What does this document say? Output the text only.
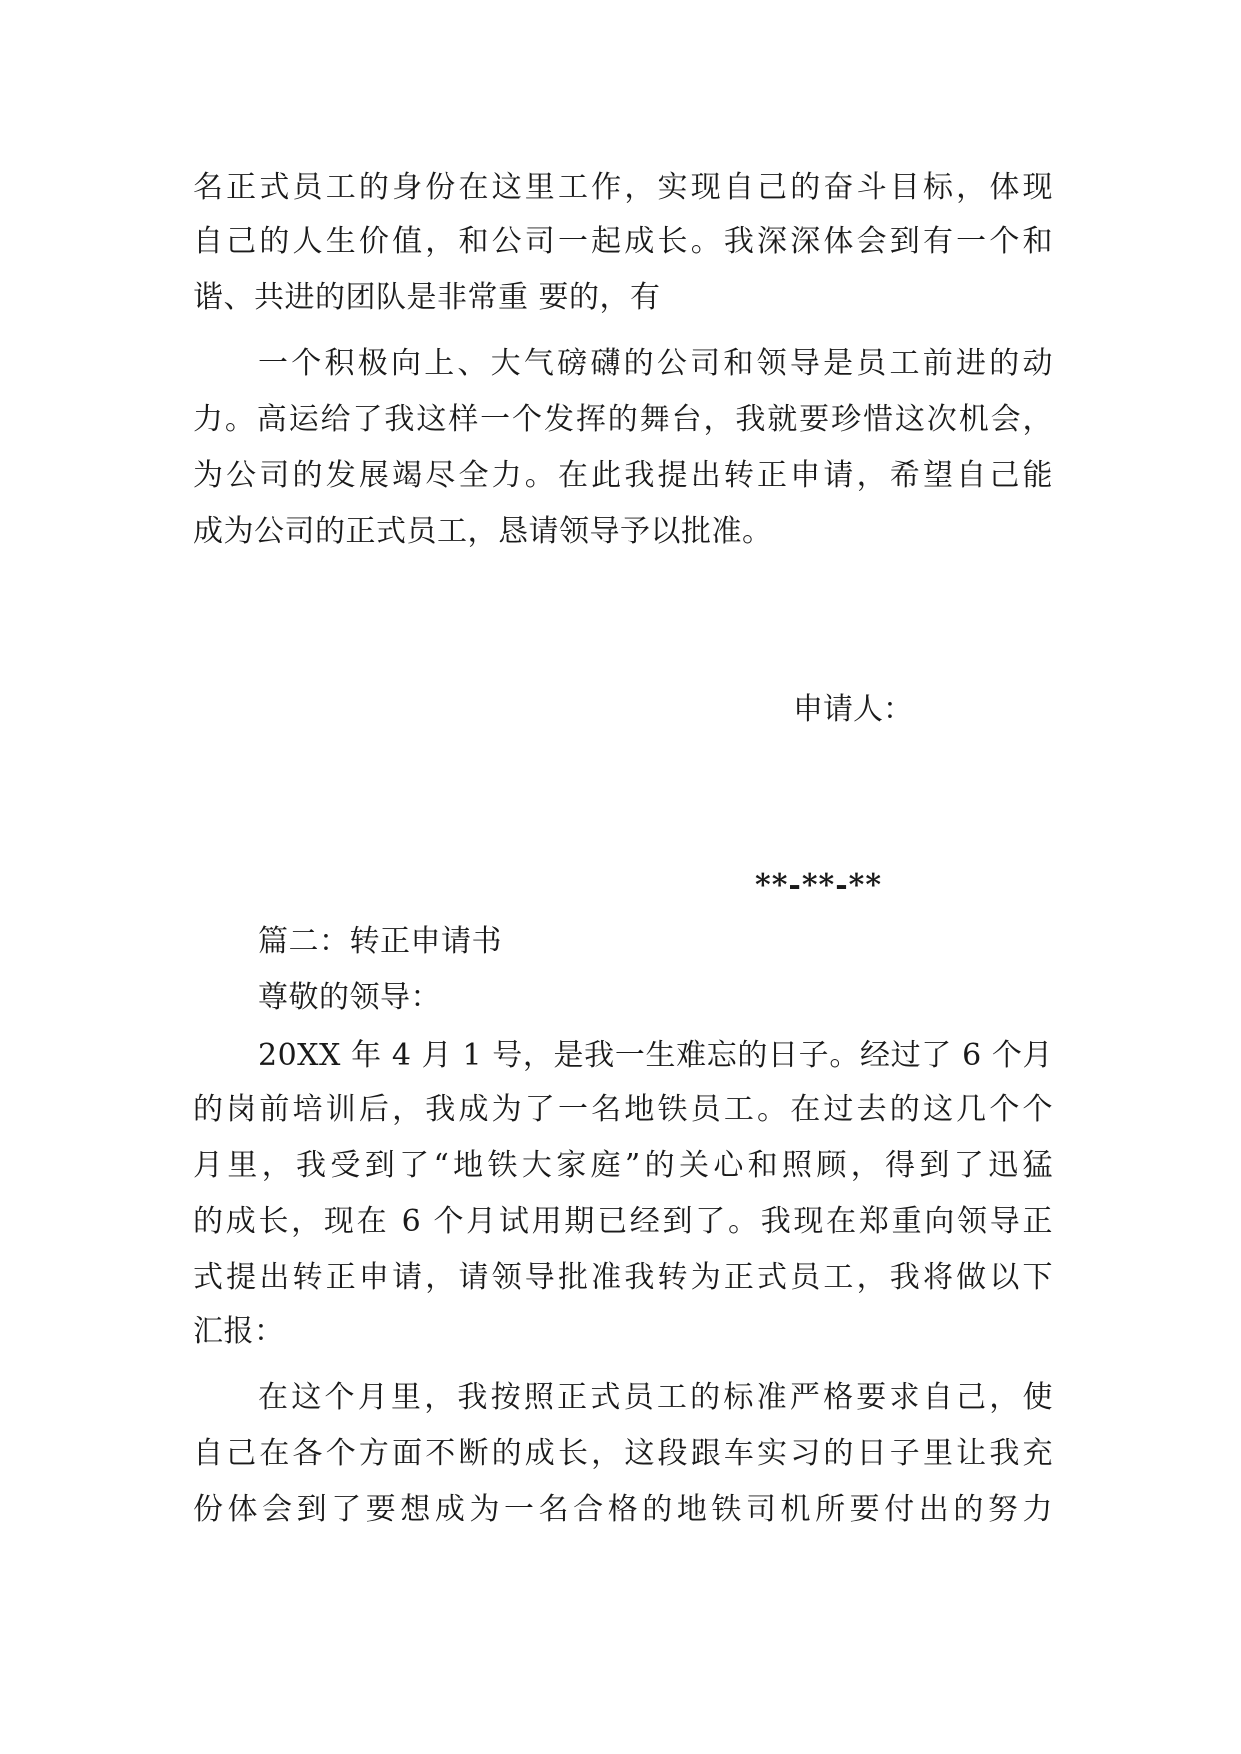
名正式员工的身份在这里工作，实现自己的奋斗目标，体现
自己的人生价值，和公司一起成长。我深深体会到有一个和
谐、共进的团队是非常重 要的，有
一个积极向上、大气磅礴的公司和领导是员工前进的动
力。高运给了我这样一个发挥的舞台，我就要珍惜这次机会，
为公司的发展竭尽全力。在此我提出转正申请，希望自己能
成为公司的正式员工，恳请领导予以批准。
申请人：
**-**-**
篇二：转正申请书
尊敬的领导：
20XX 年 4 月 1 号，是我一生难忘的日子。经过了 6 个月
的岗前培训后，我成为了一名地铁员工。在过去的这几个个
月里，我受到了“地铁大家庭”的关心和照顾，得到了迅猛
的成长，现在 6 个月试用期已经到了。我现在郑重向领导正
式提出转正申请，请领导批准我转为正式员工，我将做以下
汇报：
在这个月里，我按照正式员工的标准严格要求自己，使
自己在各个方面不断的成长，这段跟车实习的日子里让我充
份体会到了要想成为一名合格的地铁司机所要付出的努力
